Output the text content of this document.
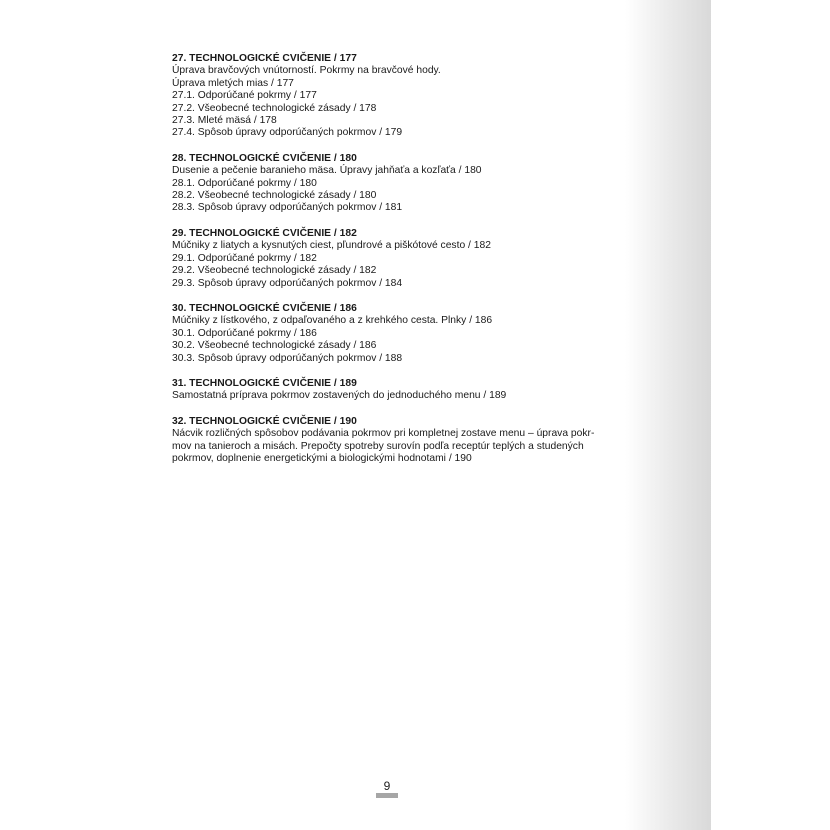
27. TECHNOLOGICKÉ CVIČENIE / 177
Úprava bravčových vnútorností. Pokrmy na bravčové hody.
Úprava mletých mias / 177
27.1. Odporúčané pokrmy / 177
27.2. Všeobecné technologické zásady / 178
27.3. Mleté mäsá / 178
27.4. Spôsob úpravy odporúčaných pokrmov / 179
28. TECHNOLOGICKÉ CVIČENIE / 180
Dusenie a pečenie baranieho mäsa. Úpravy jahňaťa a kozľaťa / 180
28.1. Odporúčané pokrmy / 180
28.2. Všeobecné technologické zásady / 180
28.3. Spôsob úpravy odporúčaných pokrmov / 181
29. TECHNOLOGICKÉ CVIČENIE / 182
Múčniky z liatych a kysnutých ciest, pľundrové a piškótové cesto / 182
29.1. Odporúčané pokrmy / 182
29.2. Všeobecné technologické zásady / 182
29.3. Spôsob úpravy odporúčaných pokrmov / 184
30. TECHNOLOGICKÉ CVIČENIE / 186
Múčniky z lístkového, z odpaľovaného a z krehkého cesta. Plnky / 186
30.1. Odporúčané pokrmy / 186
30.2. Všeobecné technologické zásady / 186
30.3. Spôsob úpravy odporúčaných pokrmov / 188
31. TECHNOLOGICKÉ CVIČENIE / 189
Samostatná príprava pokrmov zostavených do jednoduchého menu / 189
32. TECHNOLOGICKÉ CVIČENIE / 190
Nácvik rozličných spôsobov podávania pokrmov pri kompletnej zostave menu – úprava pokr-
mov na tanieroch a misách. Prepočty spotreby surovín podľa receptúr teplých a studených
pokrmov, doplnenie energetickými a biologickými hodnotami / 190
9
